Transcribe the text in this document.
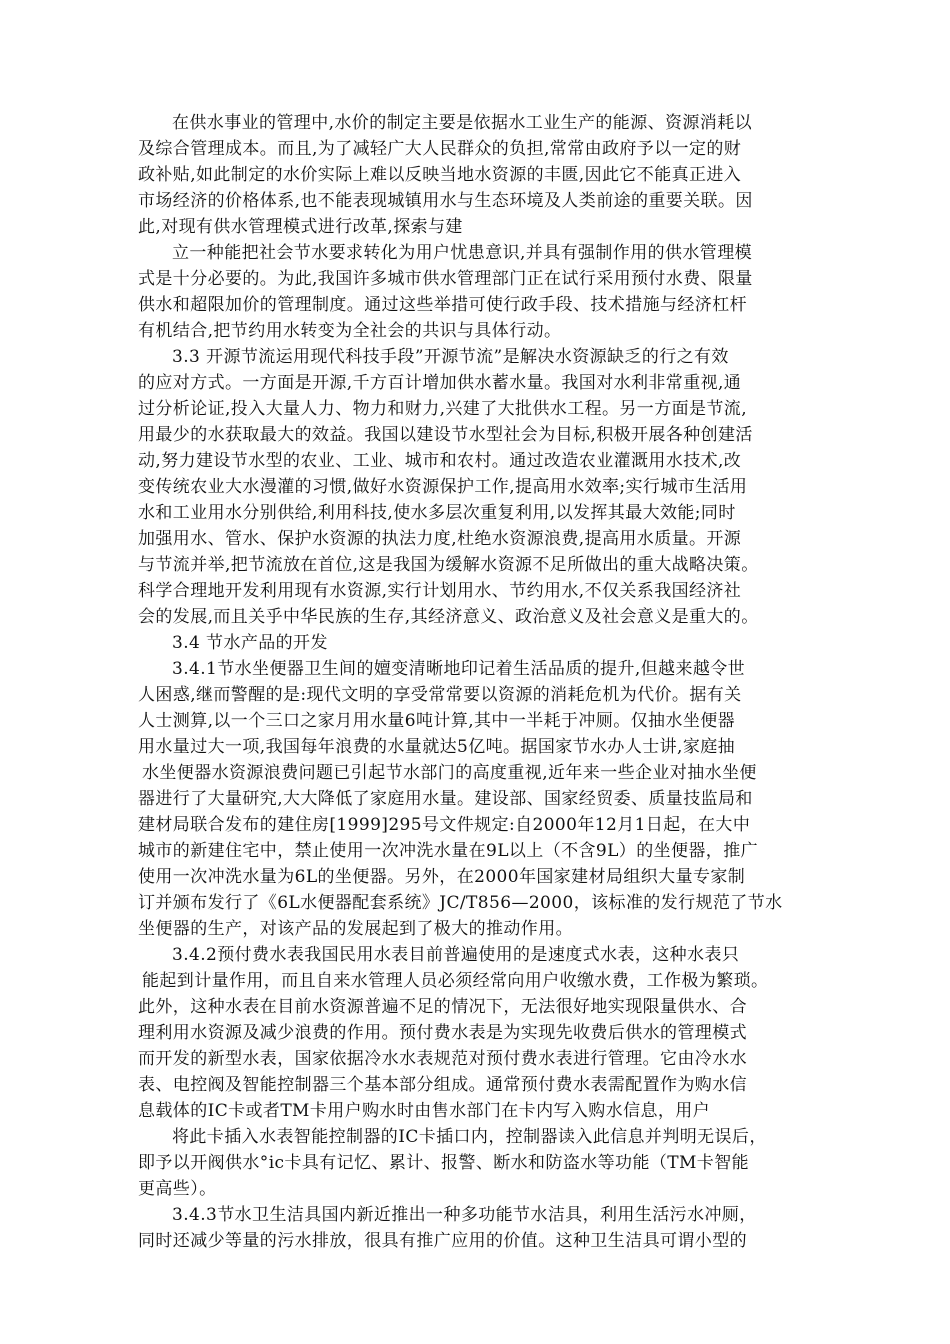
在供水事业的管理中,水价的制定主要是依据水工业生产的能源、资源消耗以
及综合管理成本。而且,为了减轻广大人民群众的负担,常常由政府予以一定的财
政补贴,如此制定的水价实际上难以反映当地水资源的丰匮,因此它不能真正进入
市场经济的价格体系,也不能表现城镇用水与生态环境及人类前途的重要关联。因
此,对现有供水管理模式进行改革,探索与建
立一种能把社会节水要求转化为用户忧患意识,并具有强制作用的供水管理模
式是十分必要的。为此,我国许多城市供水管理部门正在试行采用预付水费、限量
供水和超限加价的管理制度。通过这些举措可使行政手段、技术措施与经济杠杆
有机结合,把节约用水转变为全社会的共识与具体行动。
3.3 开源节流运用现代科技手段”开源节流”是解决水资源缺乏的行之有效
的应对方式。一方面是开源,千方百计增加供水蓄水量。我国对水利非常重视,通
过分析论证,投入大量人力、物力和财力,兴建了大批供水工程。另一方面是节流,
用最少的水获取最大的效益。我国以建设节水型社会为目标,积极开展各种创建活
动,努力建设节水型的农业、工业、城市和农村。通过改造农业灌溉用水技术,改
变传统农业大水漫灌的习惯,做好水资源保护工作,提高用水效率;实行城市生活用
水和工业用水分别供给,利用科技,使水多层次重复利用,以发挥其最大效能;同时
加强用水、管水、保护水资源的执法力度,杜绝水资源浪费,提高用水质量。开源
与节流并举,把节流放在首位,这是我国为缓解水资源不足所做出的重大战略决策。
科学合理地开发利用现有水资源,实行计划用水、节约用水,不仅关系我国经济社
会的发展,而且关乎中华民族的生存,其经济意义、政治意义及社会意义是重大的。
3.4 节水产品的开发
3.4.1节水坐便器卫生间的嬗变清晰地印记着生活品质的提升,但越来越令世
人困惑,继而警醒的是:现代文明的享受常常要以资源的消耗危机为代价。据有关
人士测算,以一个三口之家月用水量6吨计算,其中一半耗于冲厕。仅抽水坐便器
用水量过大一项,我国每年浪费的水量就达5亿吨。据国家节水办人士讲,家庭抽
水坐便器水资源浪费问题已引起节水部门的高度重视,近年来一些企业对抽水坐便
器进行了大量研究,大大降低了家庭用水量。建设部、国家经贸委、质量技监局和
建材局联合发布的建住房[1999]295号文件规定:自2000年12月1日起，在大中
城市的新建住宅中，禁止使用一次冲洗水量在9L以上（不含9L）的坐便器，推广
使用一次冲洗水量为6L的坐便器。另外，在2000年国家建材局组织大量专家制
订并颁布发行了《6L水便器配套系统》JC/T856—2000，该标准的发行规范了节水
坐便器的生产，对该产品的发展起到了极大的推动作用。
3.4.2预付费水表我国民用水表目前普遍使用的是速度式水表，这种水表只
能起到计量作用，而且自来水管理人员必须经常向用户收缴水费，工作极为繁琐。
此外，这种水表在目前水资源普遍不足的情况下，无法很好地实现限量供水、合
理利用水资源及减少浪费的作用。预付费水表是为实现先收费后供水的管理模式
而开发的新型水表，国家依据冷水水表规范对预付费水表进行管理。它由冷水水
表、电控阀及智能控制器三个基本部分组成。通常预付费水表需配置作为购水信
息载体的IC卡或者TM卡用户购水时由售水部门在卡内写入购水信息，用户
将此卡插入水表智能控制器的IC卡插口内，控制器读入此信息并判明无误后，
即予以开阀供水°ic卡具有记忆、累计、报警、断水和防盗水等功能（TM卡智能
更高些）。
3.4.3节水卫生洁具国内新近推出一种多功能节水洁具，利用生活污水冲厕，
同时还减少等量的污水排放，很具有推广应用的价值。这种卫生洁具可谓小型的
